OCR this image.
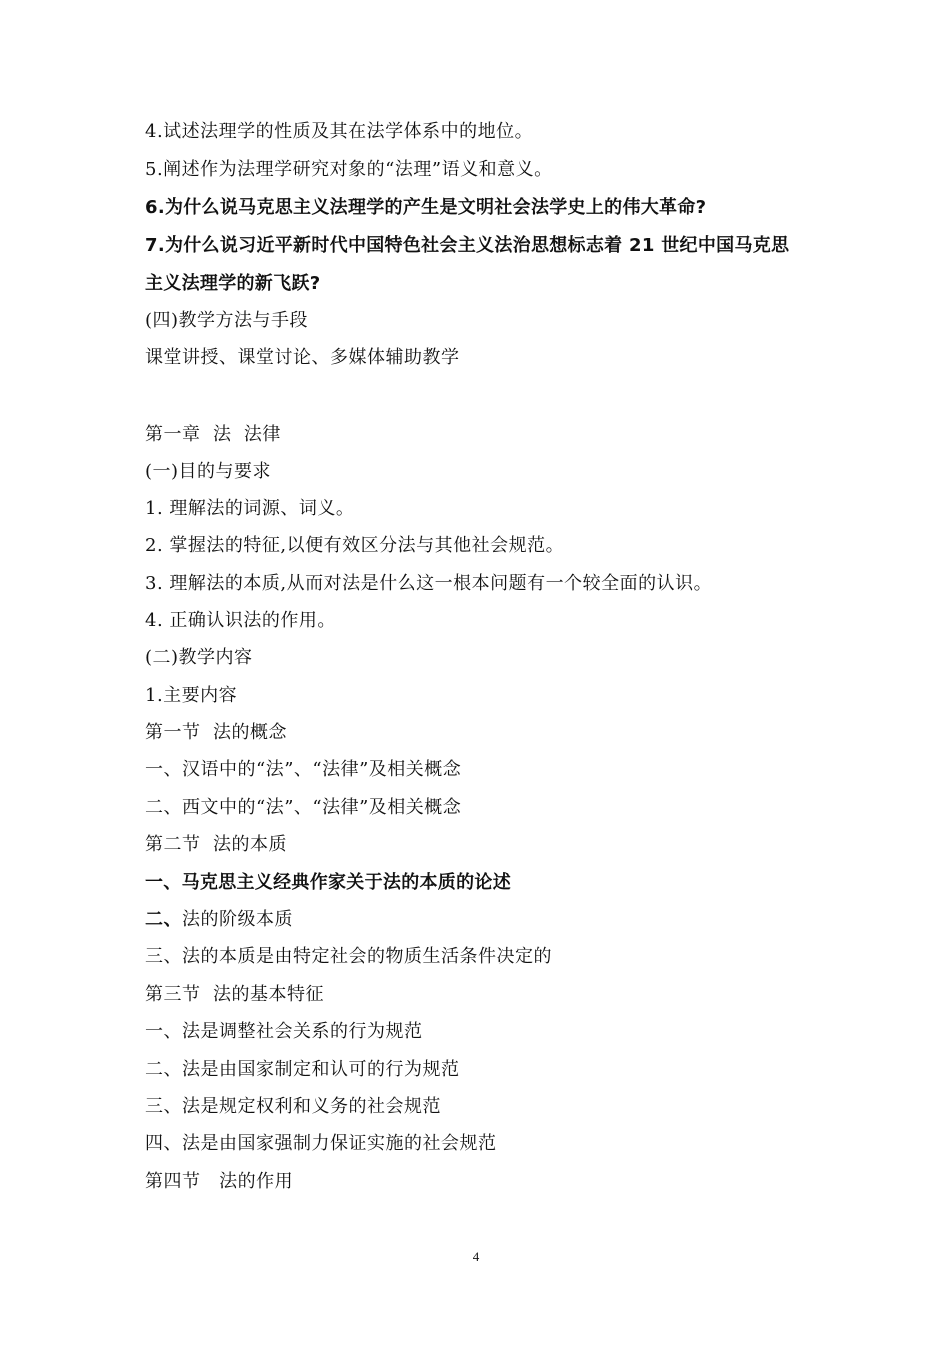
4.试述法理学的性质及其在法学体系中的地位。
5.阐述作为法理学研究对象的“法理”语义和意义。
6.为什么说马克思主义法理学的产生是文明社会法学史上的伟大革命?
7.为什么说习近平新时代中国特色社会主义法治思想标志着 21 世纪中国马克思
主义法理学的新飞跃?
(四)教学方法与手段
课堂讲授、课堂讨论、多媒体辅助教学
第一章  法  法律
(一)目的与要求
1. 理解法的词源、词义。
2. 掌握法的特征,以便有效区分法与其他社会规范。
3. 理解法的本质,从而对法是什么这一根本问题有一个较全面的认识。
4. 正确认识法的作用。
(二)教学内容
1.主要内容
第一节  法的概念
一、汉语中的“法”、“法律”及相关概念
二、西文中的“法”、“法律”及相关概念
第二节  法的本质
一、马克思主义经典作家关于法的本质的论述
二、法的阶级本质
三、法的本质是由特定社会的物质生活条件决定的
第三节  法的基本特征
一、法是调整社会关系的行为规范
二、法是由国家制定和认可的行为规范
三、法是规定权利和义务的社会规范
四、法是由国家强制力保证实施的社会规范
第四节   法的作用
4
